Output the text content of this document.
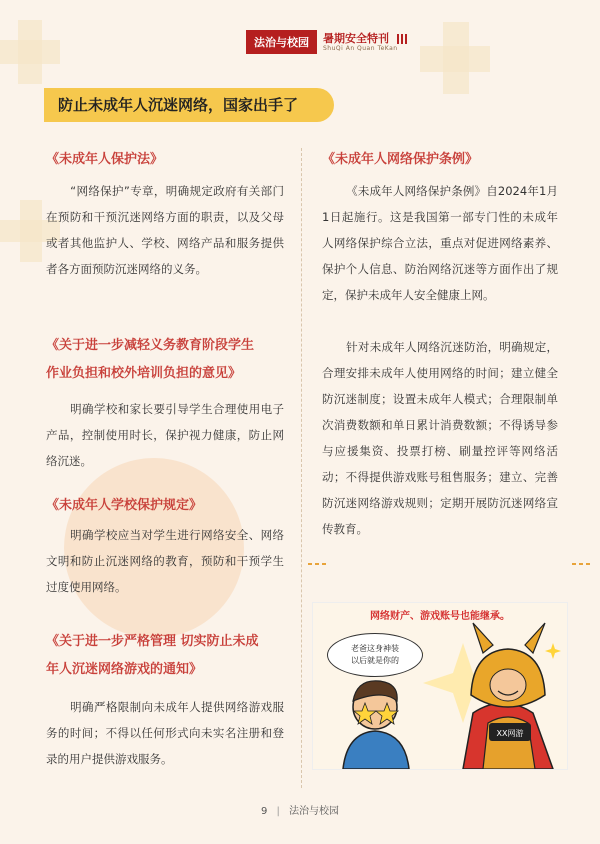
法治与校园	暑期安全特刊
ShuQi An Quan TeKan
防止未成年人沉迷网络，国家出手了
《未成年人保护法》
“网络保护”专章，明确规定政府有关部门在预防和干预沉迷网络方面的职责，以及父母或者其他监护人、学校、网络产品和服务提供者各方面预防沉迷网络的义务。
《关于进一步减轻义务教育阶段学生
作业负担和校外培训负担的意见》
明确学校和家长要引导学生合理使用电子产品，控制使用时长，保护视力健康，防止网络沉迷。
《未成年人学校保护规定》
明确学校应当对学生进行网络安全、网络文明和防止沉迷网络的教育，预防和干预学生过度使用网络。
《关于进一步严格管理 切实防止未成
年人沉迷网络游戏的通知》
明确严格限制向未成年人提供网络游戏服务的时间；不得以任何形式向未实名注册和登录的用户提供游戏服务。
《未成年人网络保护条例》
《未成年人网络保护条例》自2024年1月1日起施行。这是我国第一部专门性的未成年人网络保护综合立法，重点对促进网络素养、保护个人信息、防治网络沉迷等方面作出了规定，保护未成年人安全健康上网。
针对未成年人网络沉迷防治，明确规定，合理安排未成年人使用网络的时间；建立健全防沉迷制度；设置未成年人模式；合理限制单次消费数额和单日累计消费数额；不得诱导参与应援集资、投票打榜、刷量控评等网络活动；不得提供游戏账号租售服务；建立、完善防沉迷网络游戏规则；定期开展防沉迷网络宣传教育。
网络财产、游戏账号也能继承。
XX网游
老爸这身神装
以后就是你的
9 | 法治与校园
